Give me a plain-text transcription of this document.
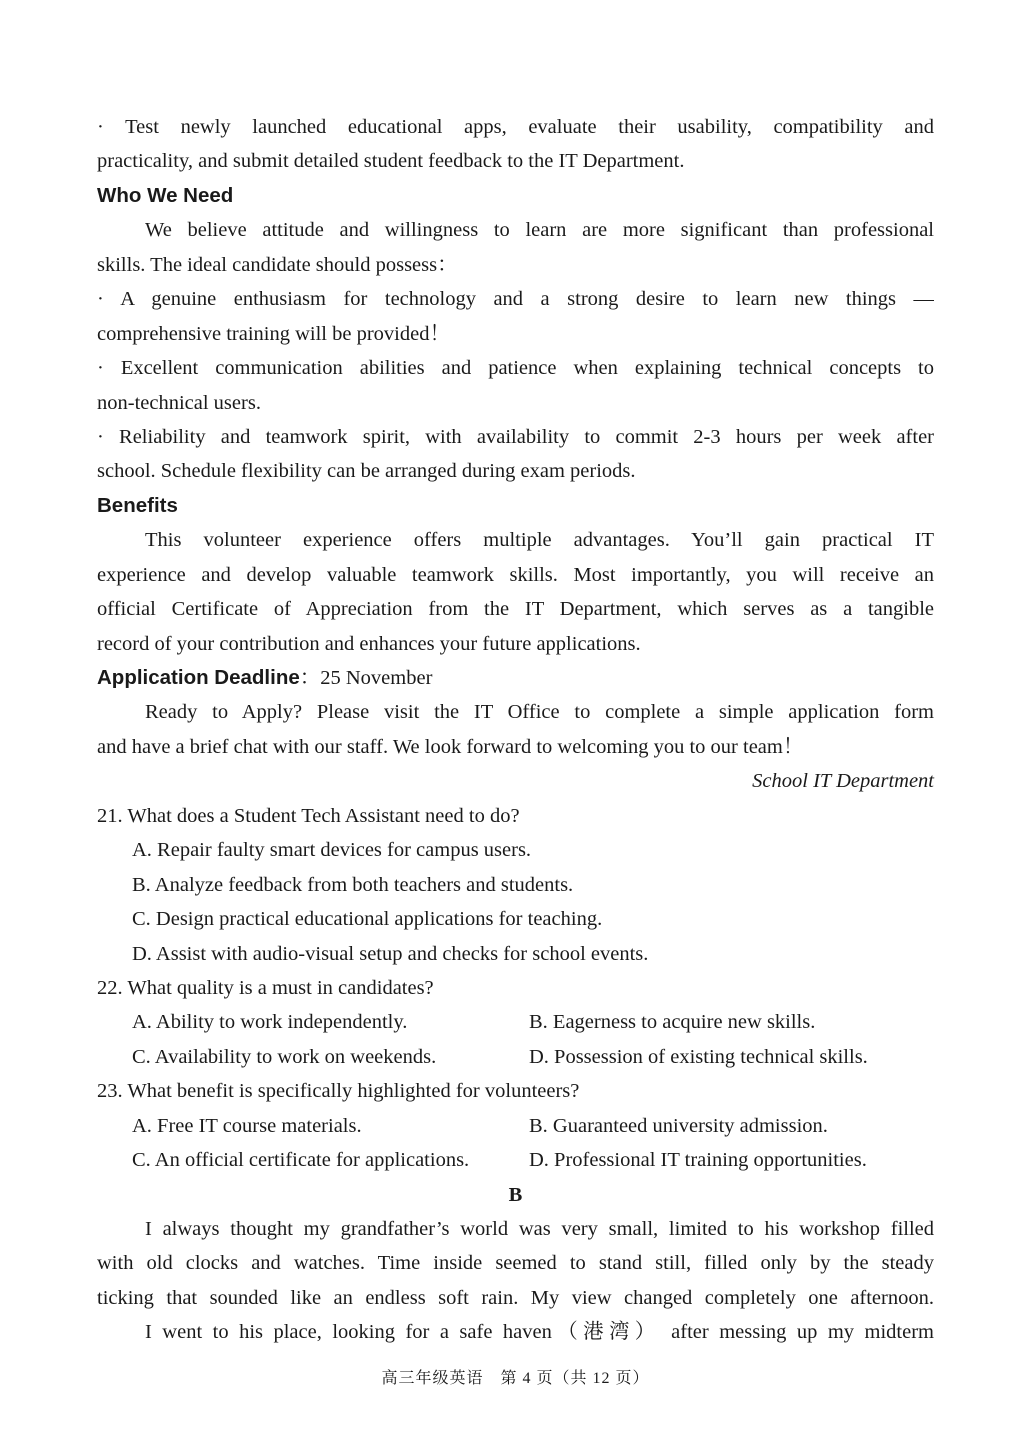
· Test newly launched educational apps, evaluate their usability, compatibility and
practicality, and submit detailed student feedback to the IT Department.
Who We Need
We believe attitude and willingness to learn are more significant than professional
skills. The ideal candidate should possess：
· A genuine enthusiasm for technology and a strong desire to learn new things —
comprehensive training will be provided！
· Excellent communication abilities and patience when explaining technical concepts to
non-technical users.
· Reliability and teamwork spirit, with availability to commit 2-3 hours per week after
school. Schedule flexibility can be arranged during exam periods.
Benefits
This volunteer experience offers multiple advantages. You’ll gain practical IT
experience and develop valuable teamwork skills. Most importantly, you will receive an
official Certificate of Appreciation from the IT Department, which serves as a tangible
record of your contribution and enhances your future applications.
Application Deadline：25 November
Ready to Apply? Please visit the IT Office to complete a simple application form
and have a brief chat with our staff. We look forward to welcoming you to our team！
School IT Department
21. What does a Student Tech Assistant need to do?
A. Repair faulty smart devices for campus users.
B. Analyze feedback from both teachers and students.
C. Design practical educational applications for teaching.
D. Assist with audio-visual setup and checks for school events.
22. What quality is a must in candidates?
A. Ability to work independently.	B. Eagerness to acquire new skills.
C. Availability to work on weekends.	D. Possession of existing technical skills.
23. What benefit is specifically highlighted for volunteers?
A. Free IT course materials.	B. Guaranteed university admission.
C. An official certificate for applications.	D. Professional IT training opportunities.
B
I always thought my grandfather’s world was very small, limited to his workshop filled
with old clocks and watches. Time inside seemed to stand still, filled only by the steady
ticking that sounded like an endless soft rain. My view changed completely one afternoon.
I went to his place, looking for a safe haven（港湾） after messing up my midterm
高三年级英语　第 4 页（共 12 页）
